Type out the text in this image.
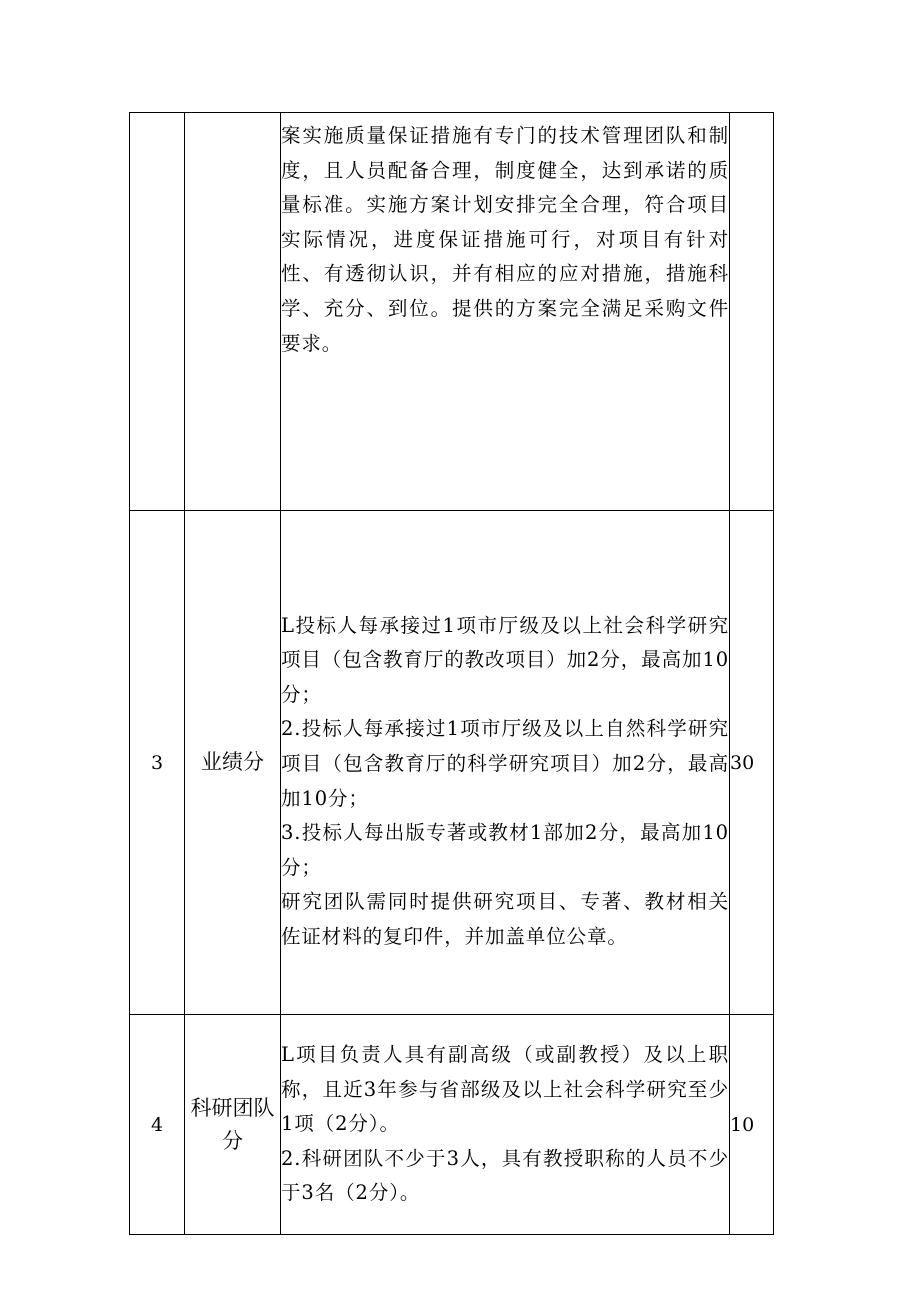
		案实施质量保证措施有专门的技术管理团队和制度，且人员配备合理，制度健全，达到承诺的质量标准。实施方案计划安排完全合理，符合项目实际情况，进度保证措施可行，对项目有针对性、有透彻认识，并有相应的应对措施，措施科学、充分、到位。提供的方案完全满足采购文件要求。	

3	业绩分	L投标人每承接过1项市厅级及以上社会科学研究项目（包含教育厅的教改项目）加2分，最高加10分；

2.投标人每承接过1项市厅级及以上自然科学研究项目（包含教育厅的科学研究项目）加2分，最高加10分；

3.投标人每出版专著或教材1部加2分，最高加10分；

研究团队需同时提供研究项目、专著、教材相关佐证材料的复印件，并加盖单位公章。	30
4	科研团队分	L项目负责人具有副高级（或副教授）及以上职称，且近3年参与省部级及以上社会科学研究至少1项（2分）。

2.科研团队不少于3人，具有教授职称的人员不少于3名（2分）。	10
